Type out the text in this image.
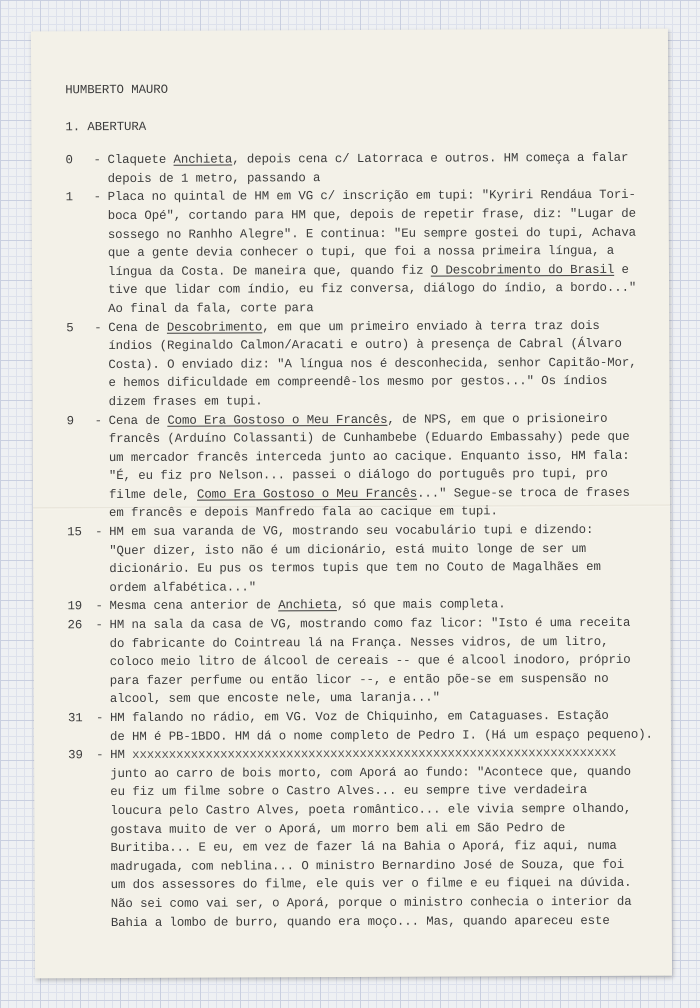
HUMBERTO MAURO
1. ABERTURA
0	- Claquete Anchieta, depois cena c/ Latorraca e outros. HM começa a falar
depois de 1 metro, passando a
1	- Placa no quintal de HM em VG c/ inscrição em tupi: "Kyriri Rendáua Tori-
boca Opé", cortando para HM que, depois de repetir frase, diz: "Lugar de
sossego no Ranhho Alegre". E continua: "Eu sempre gostei do tupi, Achava
que a gente devia conhecer o tupi, que foi a nossa primeira língua, a
língua da Costa. De maneira que, quando fiz O Descobrimento do Brasil e
tive que lidar com índio, eu fiz conversa, diálogo do índio, a bordo..."
Ao final da fala, corte para
5	- Cena de Descobrimento, em que um primeiro enviado à terra traz dois
índios (Reginaldo Calmon/Aracati e outro) à presença de Cabral (Álvaro
Costa). O enviado diz: "A língua nos é desconhecida, senhor Capitão-Mor,
e hemos dificuldade em compreendê-los mesmo por gestos..." Os índios
dizem frases em tupi.
9	- Cena de Como Era Gostoso o Meu Francês, de NPS, em que o prisioneiro
francês (Arduíno Colassanti) de Cunhambebe (Eduardo Embassahy) pede que
um mercador francês interceda junto ao cacique. Enquanto isso, HM fala:
"É, eu fiz pro Nelson... passei o diálogo do português pro tupi, pro
filme dele, Como Era Gostoso o Meu Francês..." Segue-se troca de frases
em francês e depois Manfredo fala ao cacique em tupi.
15	- HM em sua varanda de VG, mostrando seu vocabulário tupi e dizendo:
"Quer dizer, isto não é um dicionário, está muito longe de ser um
dicionário. Eu pus os termos tupis que tem no Couto de Magalhães em
ordem alfabética..."
19	- Mesma cena anterior de Anchieta, só que mais completa.
26	- HM na sala da casa de VG, mostrando como faz licor: "Isto é uma receita
do fabricante do Cointreau lá na França. Nesses vidros, de um litro,
coloco meio litro de álcool de cereais -- que é alcool inodoro, próprio
para fazer perfume ou então licor --, e então põe-se em suspensão no
alcool, sem que encoste nele, uma laranja..."
31	- HM falando no rádio, em VG. Voz de Chiquinho, em Cataguases. Estação
de HM é PB-1BDO. HM dá o nome completo de Pedro I. (Há um espaço pequeno).
39	- HM xxxxxxxxxxxxxxxxxxxxxxxxxxxxxxxxxxxxxxxxxxxxxxxxxxxxxxxxxxxxxxxxxx
junto ao carro de bois morto, com Aporá ao fundo: "Acontece que, quando
eu fiz um filme sobre o Castro Alves... eu sempre tive verdadeira
loucura pelo Castro Alves, poeta romântico... ele vivia sempre olhando,
gostava muito de ver o Aporá, um morro bem ali em São Pedro de
Buritiba... E eu, em vez de fazer lá na Bahia o Aporá, fiz aqui, numa
madrugada, com neblina... O ministro Bernardino José de Souza, que foi
um dos assessores do filme, ele quis ver o filme e eu fiquei na dúvida.
Não sei como vai ser, o Aporá, porque o ministro conhecia o interior da
Bahia a lombo de burro, quando era moço... Mas, quando apareceu este
